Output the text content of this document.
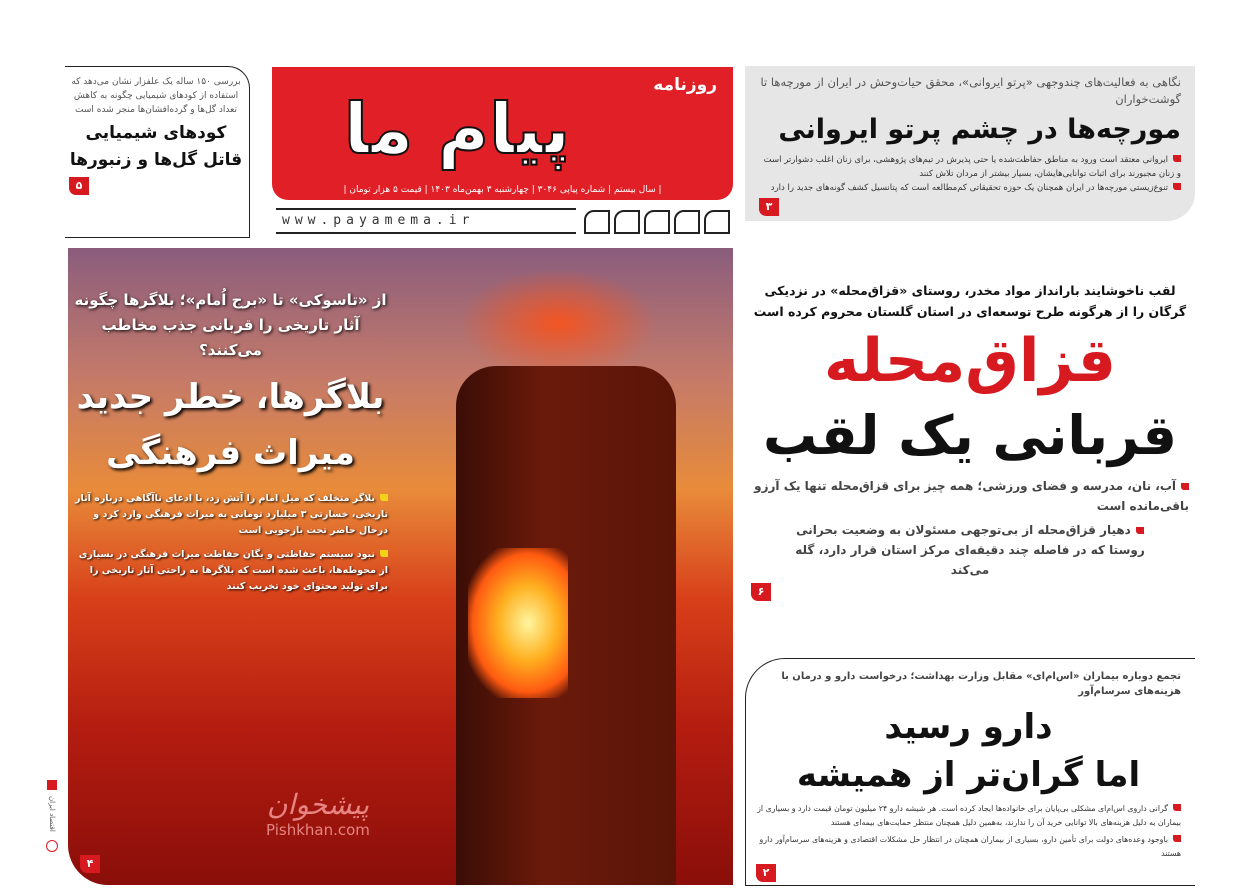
نگاهی به فعالیت‌های چندوجهی «پرتو ایروانی»، محقق حیات‌وحش در ایران از مورچه‌ها تا گوشت‌خواران
مورچه‌ها در چشم پرتو ایروانی

ایروانی معتقد است ورود به مناطق حفاظت‌شده یا حتی پذیرش در تیم‌های پژوهشی، برای زنان اغلب دشوارتر است و زنان مجبورند برای اثبات توانایی‌هایشان، بسیار بیشتر از مردان تلاش کنند

تنوع‌زیستی مورچه‌ها در ایران همچنان یک حوزه تحقیقاتی کم‌مطالعه است که پتانسیل کشف گونه‌های جدید را دارد

۳
لقب ناخوشایند بارانداز مواد مخدر، روستای «قزاق‌محله» در نزدیکی گرگان را از هرگونه طرح توسعه‌ای در استان گلستان محروم کرده است
قزاق‌محله
قربانی یک لقب
آب، نان، مدرسه و فضای ورزشی؛ همه چیز برای قزاق‌محله تنها یک آرزو باقی‌مانده است
دهیار قزاق‌محله از بی‌توجهی مسئولان به وضعیت بحرانی روستا که در فاصله چند دقیقه‌ای مرکز استان قرار دارد، گله می‌کند
۶
تجمع دوباره بیماران «اس‌ام‌ای» مقابل وزارت بهداشت؛ درخواست دارو و درمان با هزینه‌های سرسام‌آور
دارو رسید
اما گران‌تر از همیشه

گرانی داروی اس‌ام‌ای مشکلی بی‌پایان برای خانواده‌ها ایجاد کرده است. هر شیشه دارو ۲۴ میلیون تومان قیمت دارد و بسیاری از بیماران به دلیل هزینه‌های بالا توانایی خرید آن را ندارند، به‌همین دلیل همچنان منتظر حمایت‌های بیمه‌ای هستند

باوجود وعده‌های دولت برای تأمین دارو، بسیاری از بیماران همچنان در انتظار حل مشکلات اقتصادی و هزینه‌های سرسام‌آور دارو هستند

۲
روزنامه
پیام ما
| سال بیستم | شماره پیاپی ۳۰۴۶ | چهارشنبه ۳ بهمن‌ماه ۱۴۰۳ | قیمت ۵ هزار تومان |
www.payamema.ir
بررسی ۱۵۰ ساله یک علفزار نشان می‌دهد که استفاده از کودهای شیمیایی چگونه به کاهش تعداد گل‌ها و گرده‌افشان‌ها منجر شده است
کودهای شیمیایی
قاتل گل‌ها و زنبورها
۵
از «تاسوکی» تا «برج اُمام»؛ بلاگرها چگونه آثار تاریخی را قربانی جذب مخاطب می‌کنند؟
بلاگرها، خطر جدید
میراث فرهنگی

بلاگر متخلف که میل امام را آتش زد، با ادعای ناآگاهی درباره آثار تاریخی، خسارتی ۳ میلیارد تومانی به میراث فرهنگی وارد کرد و درحال حاضر تحت بازجویی است

نبود سیستم حفاظتی و یگان حفاظت میراث فرهنگی در بسیاری از محوطه‌ها، باعث شده است که بلاگرها به راحتی آثار تاریخی را برای تولید محتوای خود تخریب کنند

پیشخوان
Pishkhan.com
۴
اقتصاد ایران
